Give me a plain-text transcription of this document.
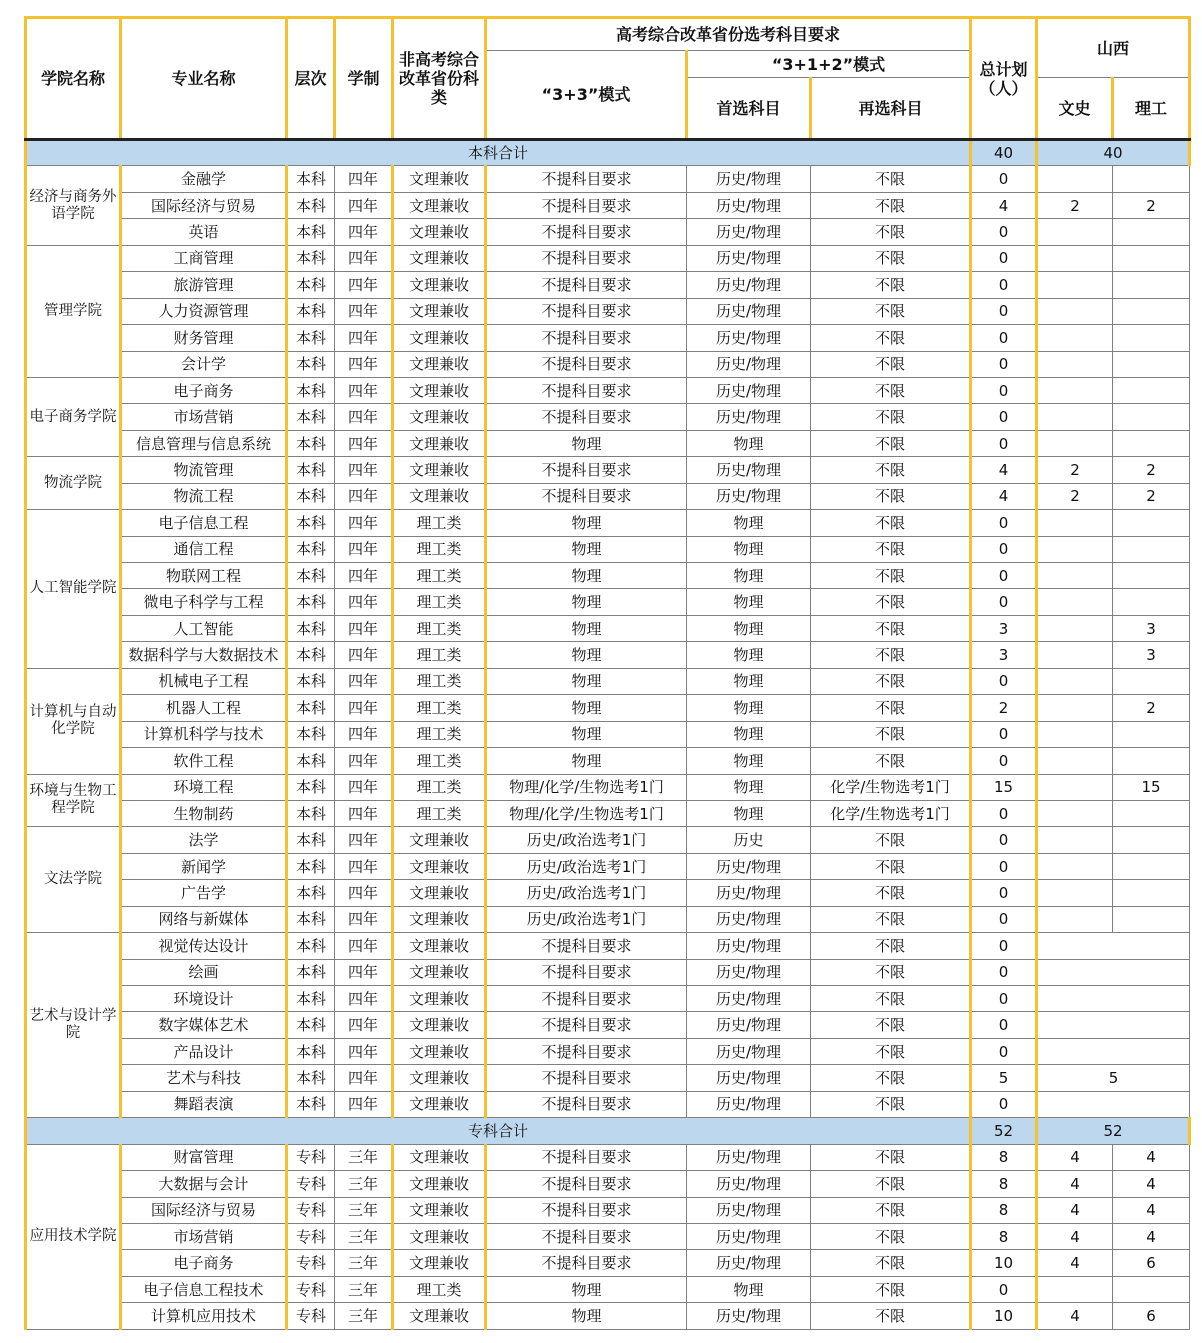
学院名称	专业名称	层次	学制	非高考综合改革省份科类	高考综合改革省份选考科目要求			总计划（人）	山西	
					“3+3”模式	“3+1+2”模式				
						首选科目	再选科目		文史	理工
本科合计								40	40	
经济与商务外语学院	金融学	本科	四年	文理兼收	不提科目要求	历史/物理	不限	0		
	国际经济与贸易	本科	四年	文理兼收	不提科目要求	历史/物理	不限	4	2	2
	英语	本科	四年	文理兼收	不提科目要求	历史/物理	不限	0		
管理学院	工商管理	本科	四年	文理兼收	不提科目要求	历史/物理	不限	0		
	旅游管理	本科	四年	文理兼收	不提科目要求	历史/物理	不限	0		
	人力资源管理	本科	四年	文理兼收	不提科目要求	历史/物理	不限	0		
	财务管理	本科	四年	文理兼收	不提科目要求	历史/物理	不限	0		
	会计学	本科	四年	文理兼收	不提科目要求	历史/物理	不限	0		
电子商务学院	电子商务	本科	四年	文理兼收	不提科目要求	历史/物理	不限	0		
	市场营销	本科	四年	文理兼收	不提科目要求	历史/物理	不限	0		
	信息管理与信息系统	本科	四年	文理兼收	物理	物理	不限	0		
物流学院	物流管理	本科	四年	文理兼收	不提科目要求	历史/物理	不限	4	2	2
	物流工程	本科	四年	文理兼收	不提科目要求	历史/物理	不限	4	2	2
人工智能学院	电子信息工程	本科	四年	理工类	物理	物理	不限	0		
	通信工程	本科	四年	理工类	物理	物理	不限	0		
	物联网工程	本科	四年	理工类	物理	物理	不限	0		
	微电子科学与工程	本科	四年	理工类	物理	物理	不限	0		
	人工智能	本科	四年	理工类	物理	物理	不限	3		3
	数据科学与大数据技术	本科	四年	理工类	物理	物理	不限	3		3
计算机与自动化学院	机械电子工程	本科	四年	理工类	物理	物理	不限	0		
	机器人工程	本科	四年	理工类	物理	物理	不限	2		2
	计算机科学与技术	本科	四年	理工类	物理	物理	不限	0		
	软件工程	本科	四年	理工类	物理	物理	不限	0		
环境与生物工程学院	环境工程	本科	四年	理工类	物理/化学/生物选考1门	物理	化学/生物选考1门	15		15
	生物制药	本科	四年	理工类	物理/化学/生物选考1门	物理	化学/生物选考1门	0		
文法学院	法学	本科	四年	文理兼收	历史/政治选考1门	历史	不限	0		
	新闻学	本科	四年	文理兼收	历史/政治选考1门	历史/物理	不限	0		
	广告学	本科	四年	文理兼收	历史/政治选考1门	历史/物理	不限	0		
	网络与新媒体	本科	四年	文理兼收	历史/政治选考1门	历史/物理	不限	0		
艺术与设计学院	视觉传达设计	本科	四年	文理兼收	不提科目要求	历史/物理	不限	0		
	绘画	本科	四年	文理兼收	不提科目要求	历史/物理	不限	0		
	环境设计	本科	四年	文理兼收	不提科目要求	历史/物理	不限	0		
	数字媒体艺术	本科	四年	文理兼收	不提科目要求	历史/物理	不限	0		
	产品设计	本科	四年	文理兼收	不提科目要求	历史/物理	不限	0		
	艺术与科技	本科	四年	文理兼收	不提科目要求	历史/物理	不限	5	5	
	舞蹈表演	本科	四年	文理兼收	不提科目要求	历史/物理	不限	0		
专科合计								52	52	
应用技术学院	财富管理	专科	三年	文理兼收	不提科目要求	历史/物理	不限	8	4	4
	大数据与会计	专科	三年	文理兼收	不提科目要求	历史/物理	不限	8	4	4
	国际经济与贸易	专科	三年	文理兼收	不提科目要求	历史/物理	不限	8	4	4
	市场营销	专科	三年	文理兼收	不提科目要求	历史/物理	不限	8	4	4
	电子商务	专科	三年	文理兼收	不提科目要求	历史/物理	不限	10	4	6
	电子信息工程技术	专科	三年	理工类	物理	物理	不限	0		
	计算机应用技术	专科	三年	文理兼收	物理	历史/物理	不限	10	4	6
